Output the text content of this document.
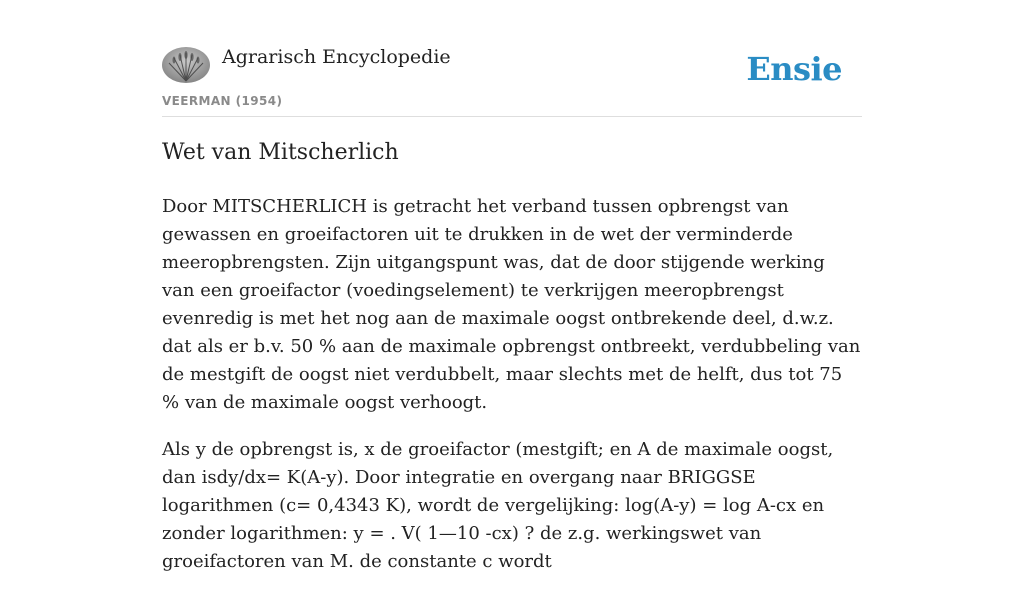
Agrarisch Encyclopedie
VEERMAN (1954)
Ensie
Wet van Mitscherlich

Door MITSCHERLICH is getracht het verband tussen opbrengst van gewassen en groeifactoren uit te drukken in de wet der verminderde meeropbrengsten. Zijn uitgangspunt was, dat de door stijgende werking van een groeifactor (voedingselement) te verkrijgen meeropbrengst evenredig is met het nog aan de maximale oogst ontbrekende deel, d.w.z. dat als er b.v. 50 % aan de maximale opbrengst ontbreekt, verdubbeling van de mestgift de oogst niet verdubbelt, maar slechts met de helft, dus tot 75 % van de maximale oogst verhoogt.

Als y de opbrengst is, x de groeifactor (mestgift; en A de maximale oogst, dan isdy/dx= K(A-y). Door integratie en overgang naar BRIGGSE logarithmen (c= 0,4343 K), wordt de vergelijking: log(A-y) = log A-cx en zonder logarithmen: y = . V( 1—10 -cx) ? de z.g. werkingswet van groeifactoren van M. de constante c wordt
